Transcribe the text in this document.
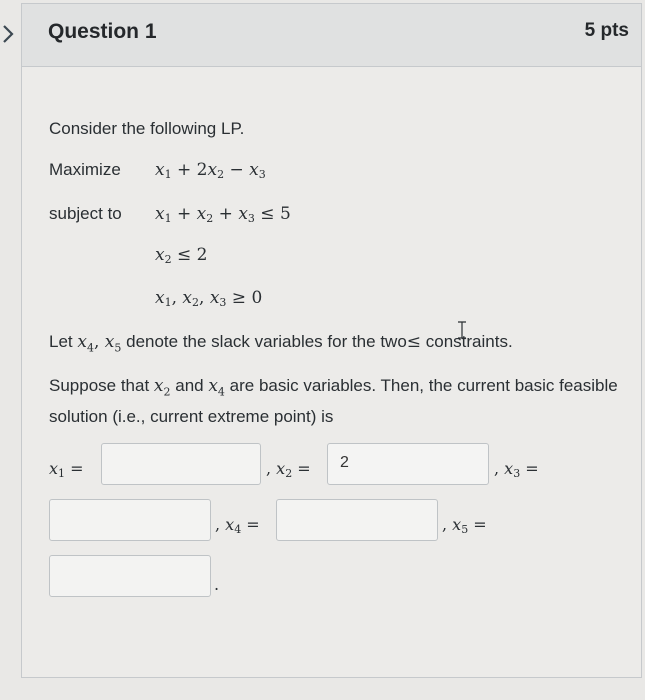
Question 1	5 pts
Consider the following LP.
Maximize $x_1 + 2x_2 - x_3$
subject to $x_1 + x_2 + x_3 \le 5$
$x_2 \le 2$
$x_1$, $x_2$, $x_3 \ge 0$
Let $x_4$, $x_5$ denote the slack variables for the two≤ constraints.
Suppose that $x_2$ and $x_4$ are basic variables. Then, the current basic feasible solution (i.e., current extreme point) is
$x_1$ =	, $x_2$ =	2	, $x_3$ =
, $x_4$ =	, $x_5$ =
.
